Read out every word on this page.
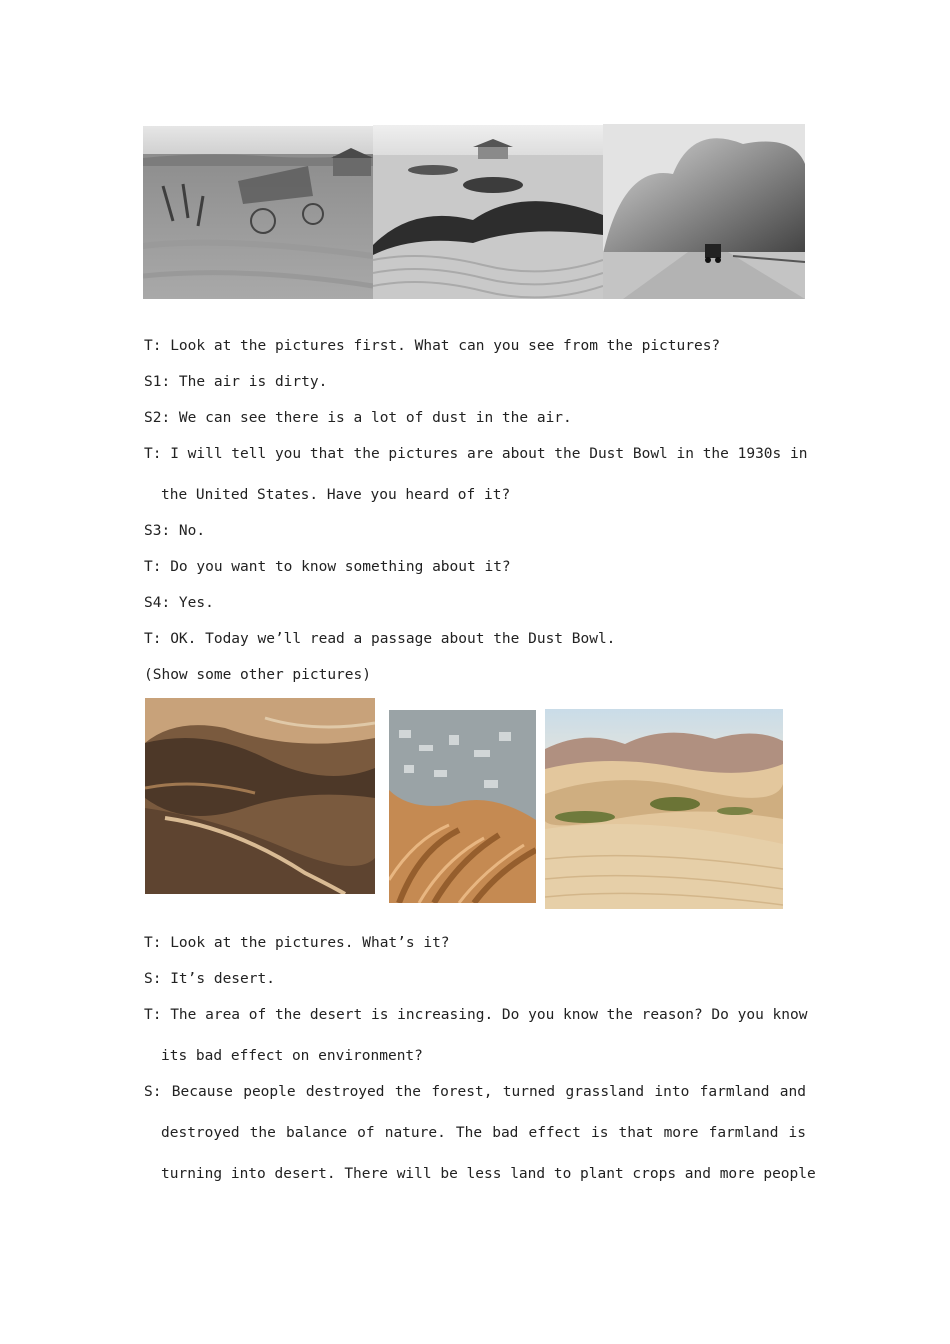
T: Look at the pictures first. What can you see from the pictures?
S1: The air is dirty.
S2: We can see there is a lot of dust in the air.
T: I will tell you that the pictures are about the Dust Bowl in the 1930s in
the United States. Have you heard of it?
S3: No.
T: Do you want to know something about it?
S4: Yes.
T: OK. Today we’ll read a passage about the Dust Bowl.
(Show some other pictures)
T: Look at the pictures. What’s it?
S: It’s desert.
T: The area of the desert is increasing. Do you know the reason? Do you know
its bad effect on environment?
S: Because people destroyed the forest, turned grassland into farmland and
destroyed the balance of nature. The bad effect is that more farmland is
turning into desert. There will be less land to plant crops and more people
